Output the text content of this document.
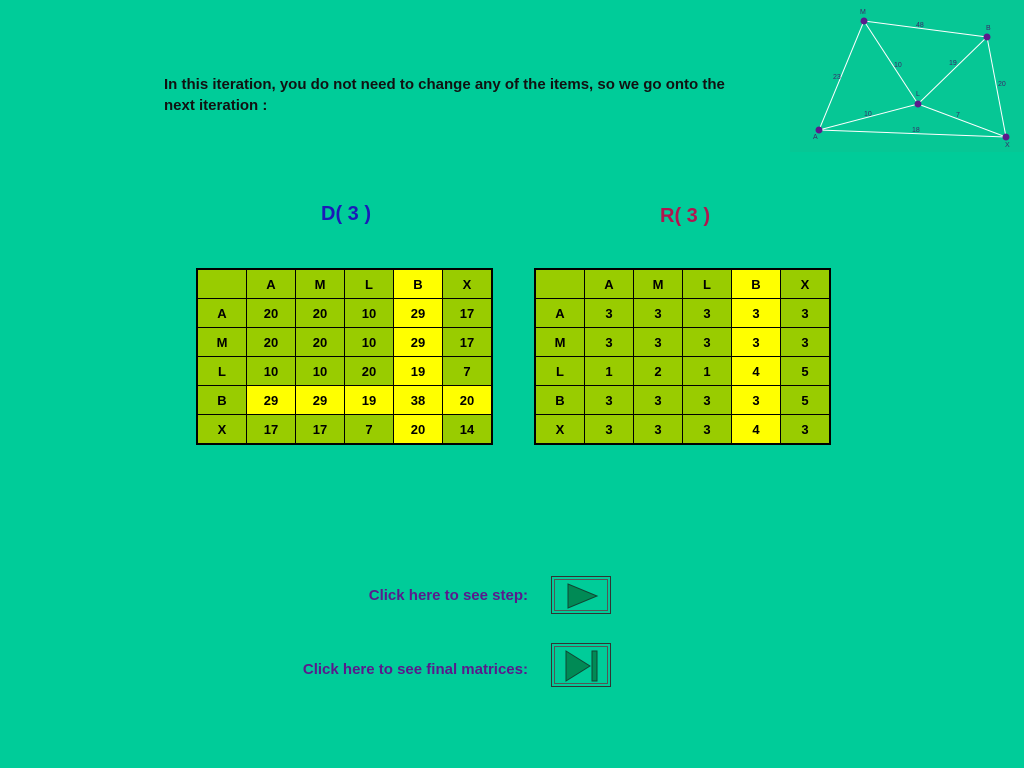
M
B
L
A
X
48
23
10	19
20
10	7
18
In this iteration, you do not need to change any of the items, so we go onto the next iteration :
D( 3 )	R( 3 )
	A	M	L	B	X
A	20	20	10	29	17
M	20	20	10	29	17
L	10	10	20	19	7
B	29	29	19	38	20
X	17	17	7	20	14
	A	M	L	B	X
A	3	3	3	3	3
M	3	3	3	3	3
L	1	2	1	4	5
B	3	3	3	3	5
X	3	3	3	4	3
Click here to see step:
Click here to see final matrices:
